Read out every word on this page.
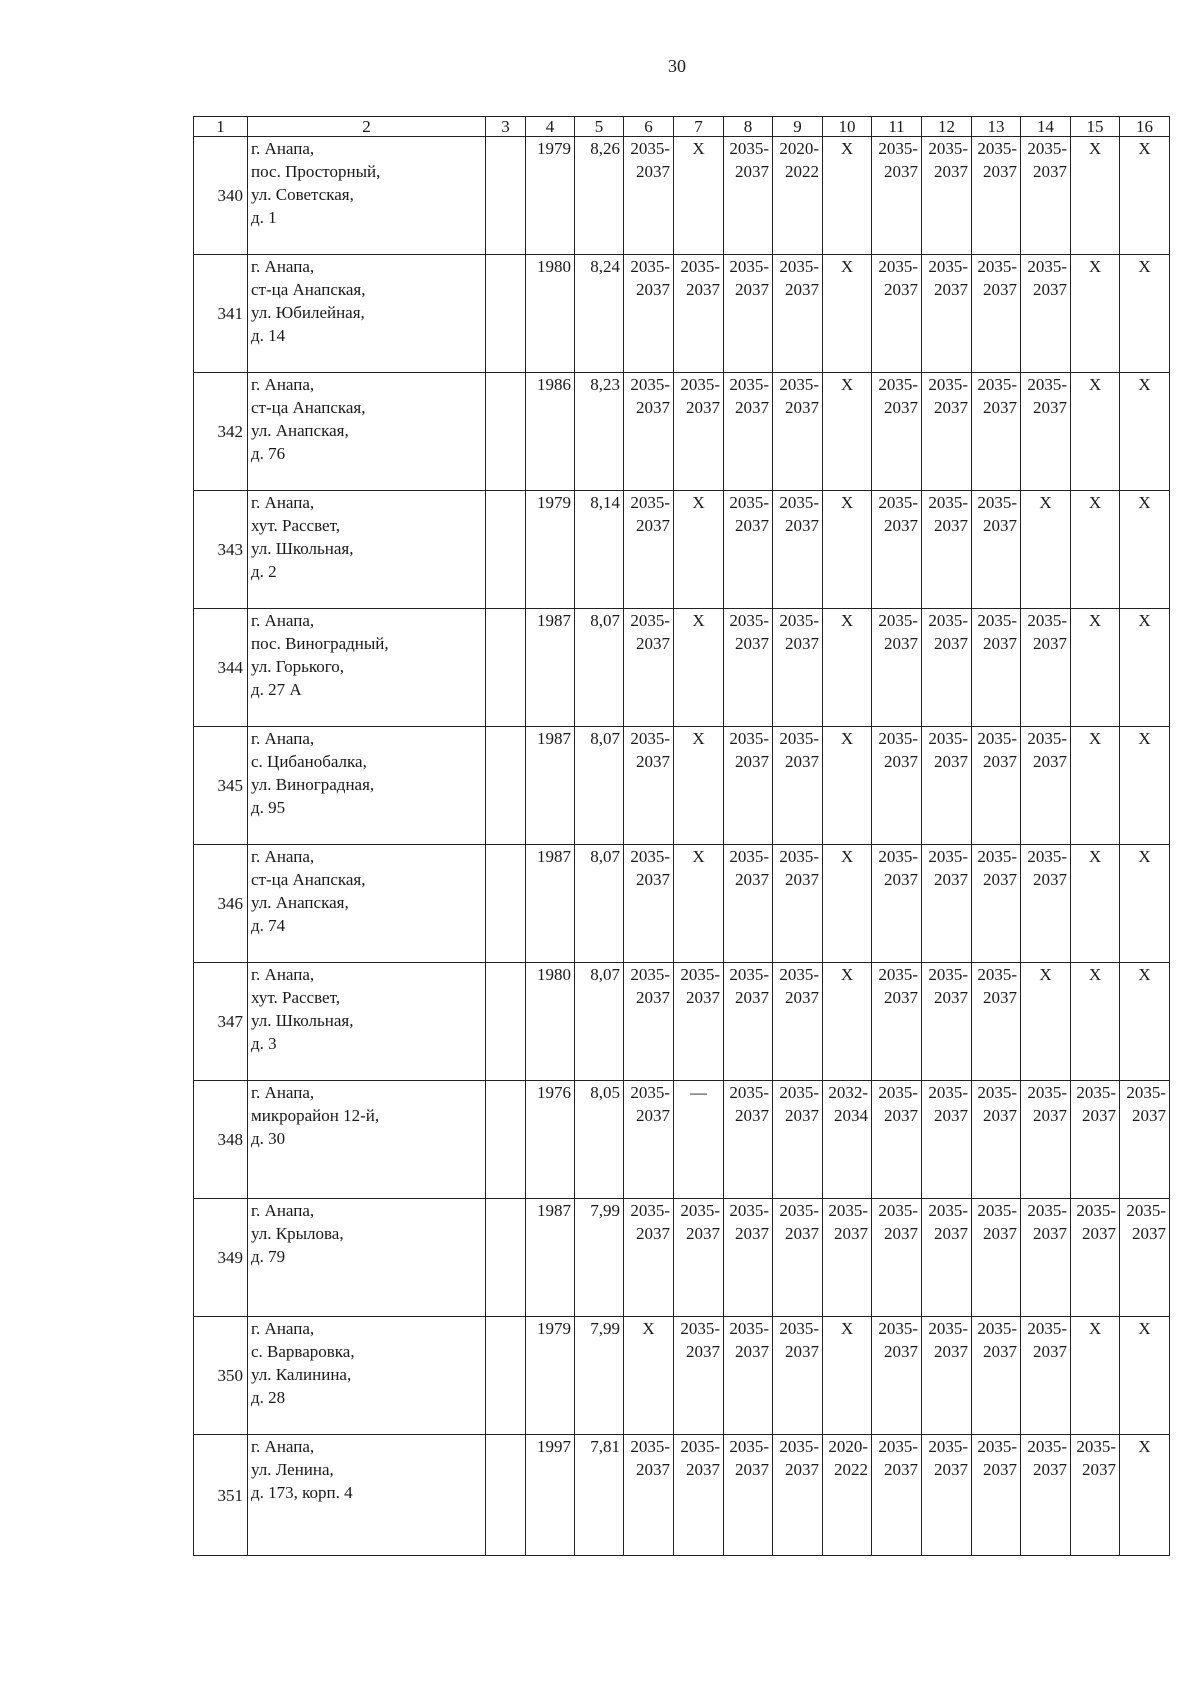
30
1	2	3	4	5	6	7	8	9	10	11	12	13	14	15	16
340	г. Анапа,
пос. Просторный,
ул. Советская,
д. 1		1979	8,26	2035-
2037	X	2035-
2037	2020-
2022	X	2035-
2037	2035-
2037	2035-
2037	2035-
2037	X	X
341	г. Анапа,
ст-ца Анапская,
ул. Юбилейная,
д. 14		1980	8,24	2035-
2037	2035-
2037	2035-
2037	2035-
2037	X	2035-
2037	2035-
2037	2035-
2037	2035-
2037	X	X
342	г. Анапа,
ст-ца Анапская,
ул. Анапская,
д. 76		1986	8,23	2035-
2037	2035-
2037	2035-
2037	2035-
2037	X	2035-
2037	2035-
2037	2035-
2037	2035-
2037	X	X
343	г. Анапа,
хут. Рассвет,
ул. Школьная,
д. 2		1979	8,14	2035-
2037	X	2035-
2037	2035-
2037	X	2035-
2037	2035-
2037	2035-
2037	X	X	X
344	г. Анапа,
пос. Виноградный,
ул. Горького,
д. 27 А		1987	8,07	2035-
2037	X	2035-
2037	2035-
2037	X	2035-
2037	2035-
2037	2035-
2037	2035-
2037	X	X
345	г. Анапа,
с. Цибанобалка,
ул. Виноградная,
д. 95		1987	8,07	2035-
2037	X	2035-
2037	2035-
2037	X	2035-
2037	2035-
2037	2035-
2037	2035-
2037	X	X
346	г. Анапа,
ст-ца Анапская,
ул. Анапская,
д. 74		1987	8,07	2035-
2037	X	2035-
2037	2035-
2037	X	2035-
2037	2035-
2037	2035-
2037	2035-
2037	X	X
347	г. Анапа,
хут. Рассвет,
ул. Школьная,
д. 3		1980	8,07	2035-
2037	2035-
2037	2035-
2037	2035-
2037	X	2035-
2037	2035-
2037	2035-
2037	X	X	X
348	г. Анапа,
микрорайон 12-й,
д. 30		1976	8,05	2035-
2037	—	2035-
2037	2035-
2037	2032-
2034	2035-
2037	2035-
2037	2035-
2037	2035-
2037	2035-
2037	2035-
2037

349	г. Анапа,
ул. Крылова,
д. 79		1987	7,99	2035-
2037	2035-
2037	2035-
2037	2035-
2037	2035-
2037	2035-
2037	2035-
2037	2035-
2037	2035-
2037	2035-
2037	2035-
2037

350	г. Анапа,
с. Варваровка,
ул. Калинина,
д. 28		1979	7,99	X	2035-
2037	2035-
2037	2035-
2037	X	2035-
2037	2035-
2037	2035-
2037	2035-
2037	X	X
351	г. Анапа,
ул. Ленина,
д. 173, корп. 4		1997	7,81	2035-
2037	2035-
2037	2035-
2037	2035-
2037	2020-
2022	2035-
2037	2035-
2037	2035-
2037	2035-
2037	2035-
2037	X
